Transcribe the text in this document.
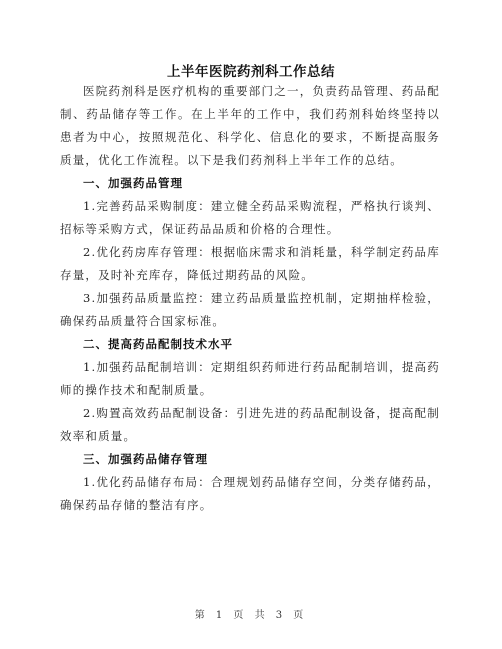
上半年医院药剂科工作总结

医院药剂科是医疗机构的重要部门之一，负责药品管理、药品配制、药品储存等工作。在上半年的工作中，我们药剂科始终坚持以患者为中心，按照规范化、科学化、信息化的要求，不断提高服务质量，优化工作流程。以下是我们药剂科上半年工作的总结。

一、加强药品管理

1.完善药品采购制度：建立健全药品采购流程，严格执行谈判、招标等采购方式，保证药品品质和价格的合理性。

2.优化药房库存管理：根据临床需求和消耗量，科学制定药品库存量，及时补充库存，降低过期药品的风险。

3.加强药品质量监控：建立药品质量监控机制，定期抽样检验，确保药品质量符合国家标准。

二、提高药品配制技术水平

1.加强药品配制培训：定期组织药师进行药品配制培训，提高药师的操作技术和配制质量。

2.购置高效药品配制设备：引进先进的药品配制设备，提高配制效率和质量。

三、加强药品储存管理

1.优化药品储存布局：合理规划药品储存空间，分类存储药品，确保药品存储的整洁有序。

第 1 页 共 3 页
